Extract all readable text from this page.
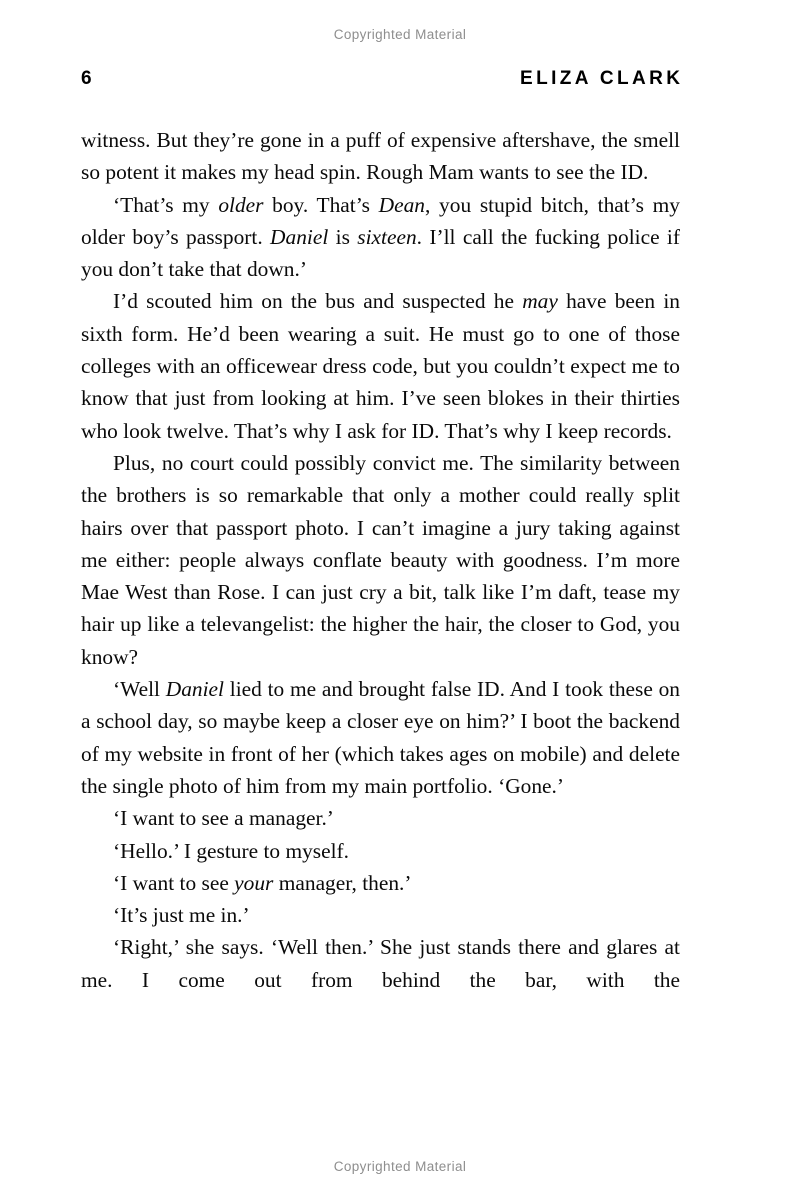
Copyrighted Material
6	ELIZA CLARK

witness. But they’re gone in a puff of expensive aftershave, the smell so potent it makes my head spin. Rough Mam wants to see the ID.

‘That’s my older boy. That’s Dean, you stupid bitch, that’s my older boy’s passport. Daniel is sixteen. I’ll call the fucking police if you don’t take that down.’

I’d scouted him on the bus and suspected he may have been in sixth form. He’d been wearing a suit. He must go to one of those colleges with an officewear dress code, but you couldn’t expect me to know that just from looking at him. I’ve seen blokes in their thirties who look twelve. That’s why I ask for ID. That’s why I keep records.

Plus, no court could possibly convict me. The similarity between the brothers is so remarkable that only a mother could really split hairs over that passport photo. I can’t imagine a jury taking against me either: people always conflate beauty with goodness. I’m more Mae West than Rose. I can just cry a bit, talk like I’m daft, tease my hair up like a televangelist: the higher the hair, the closer to God, you know?

‘Well Daniel lied to me and brought false ID. And I took these on a school day, so maybe keep a closer eye on him?’ I boot the backend of my website in front of her (which takes ages on mobile) and delete the single photo of him from my main portfolio. ‘Gone.’

‘I want to see a manager.’

‘Hello.’ I gesture to myself.

‘I want to see your manager, then.’

‘It’s just me in.’

‘Right,’ she says. ‘Well then.’ She just stands there and glares at me. I come out from behind the bar, with the

Copyrighted Material
